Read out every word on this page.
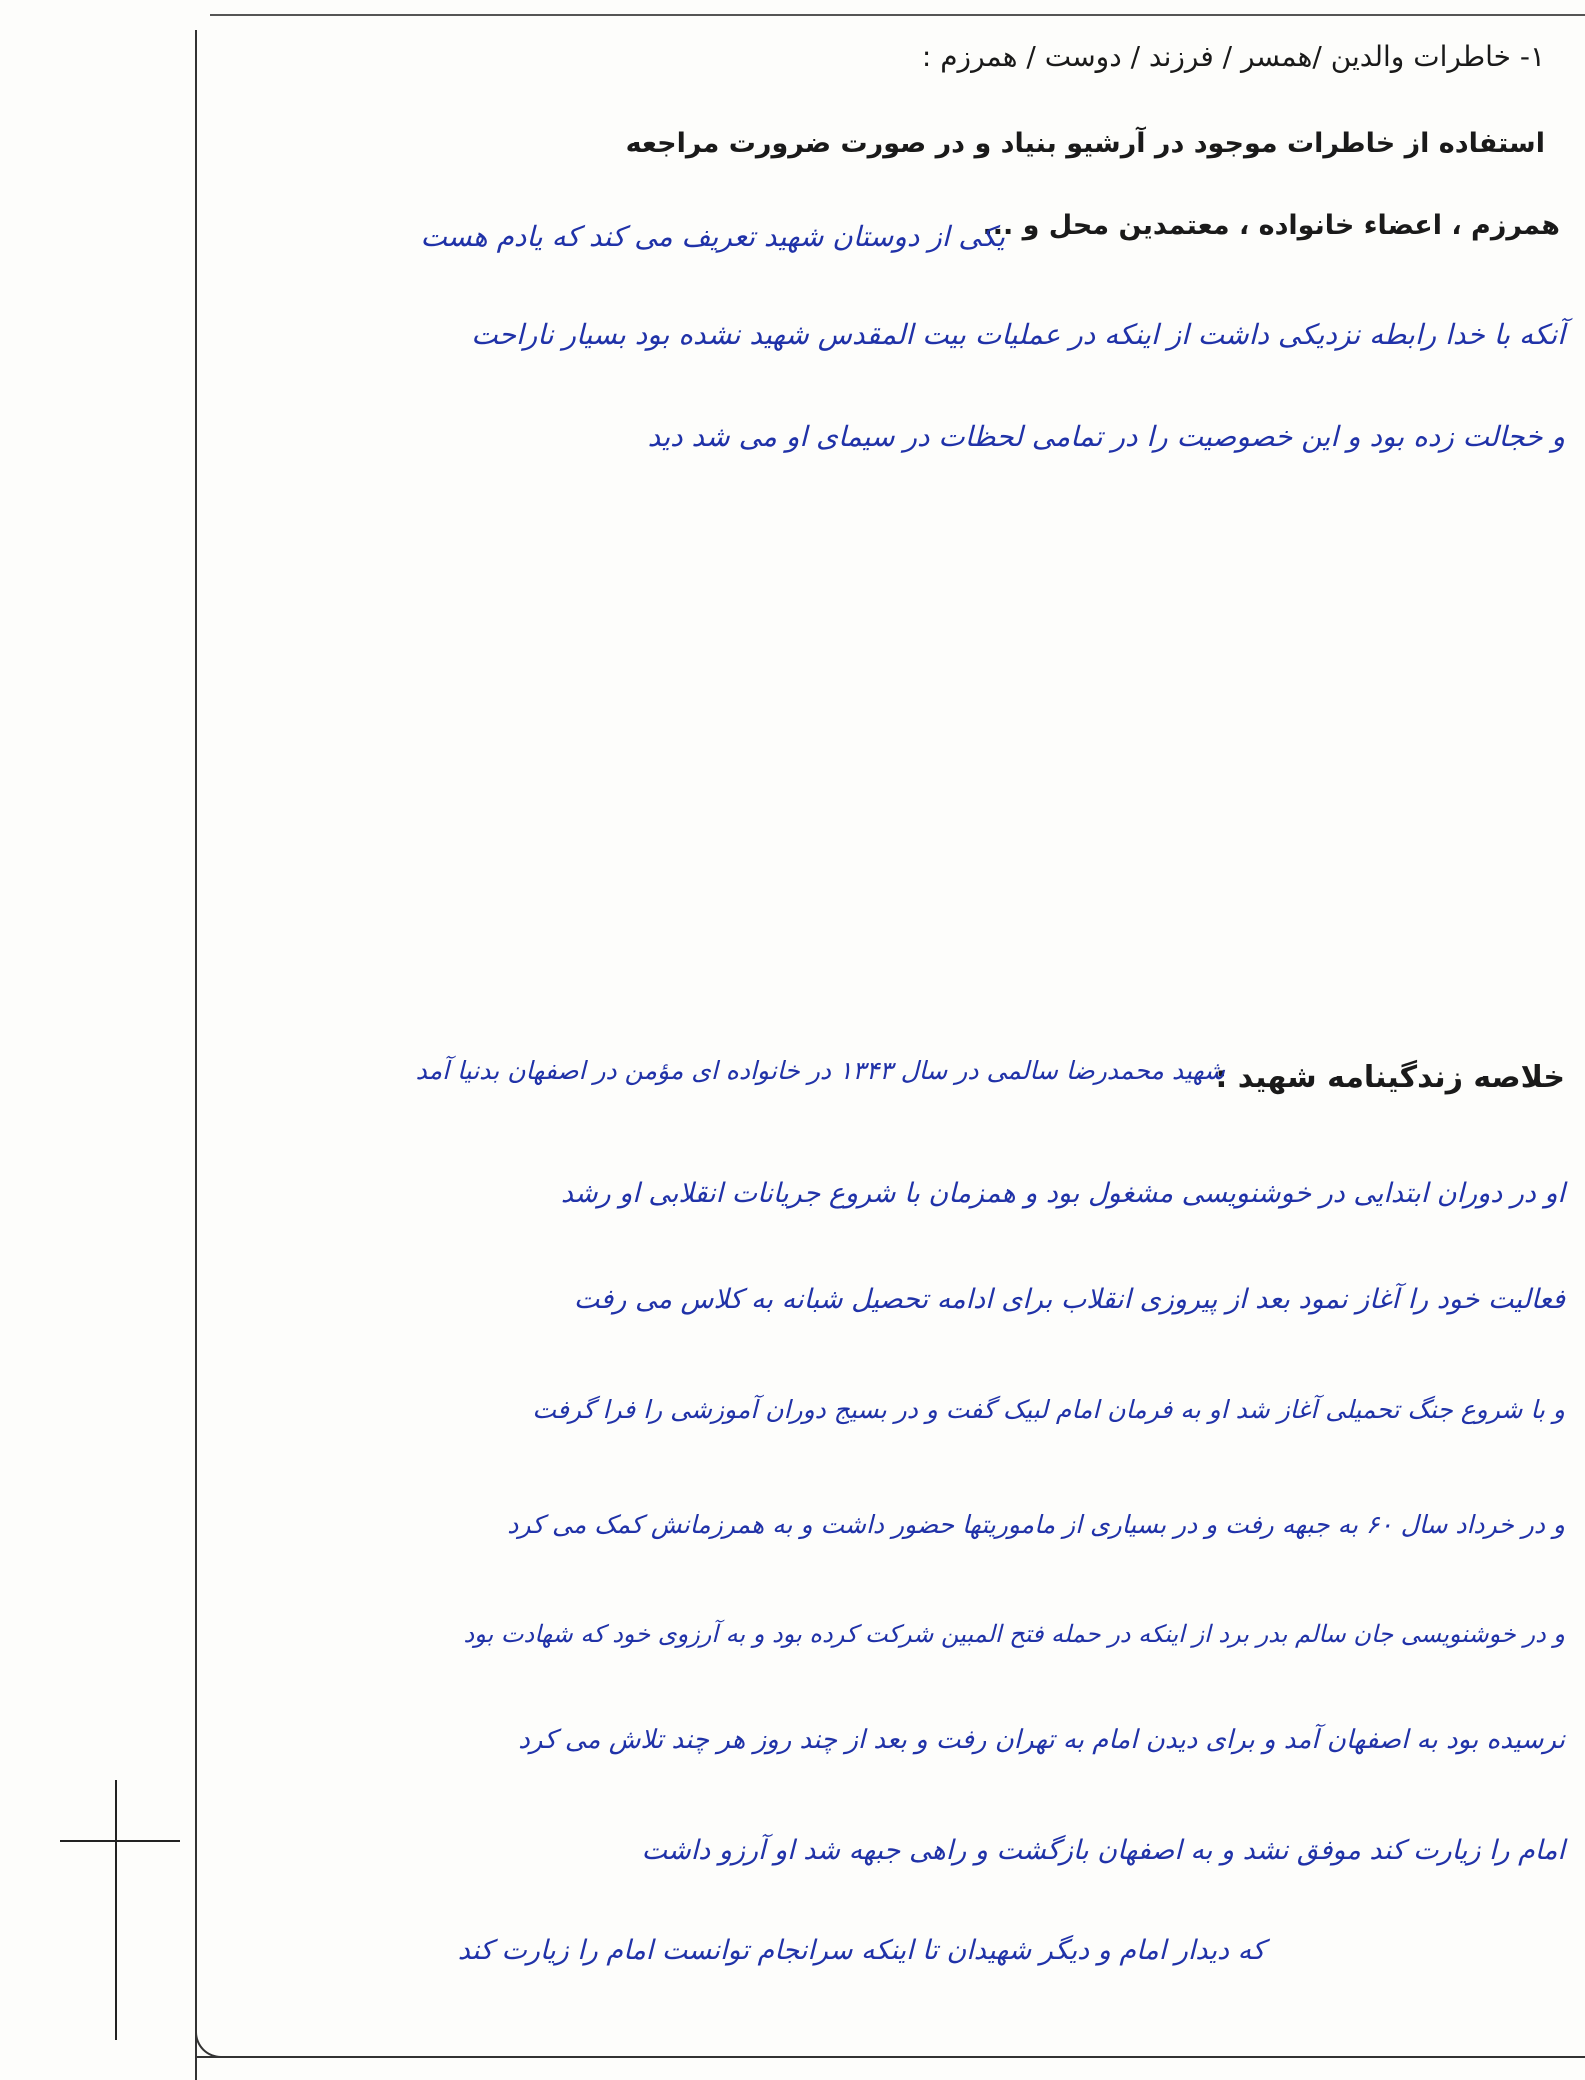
١- خاطرات والدین /همسر / فرزند / دوست / همرزم :
استفاده از خاطرات موجود در آرشیو بنیاد و در صورت ضرورت مراجعه
همرزم ، اعضاء خانواده ، معتمدین محل و ...
یکی از دوستان شهید تعریف می کند که یادم هست
آنکه با خدا رابطه نزدیکی داشت از اینکه در عملیات بیت المقدس شهید نشده بود بسیار ناراحت
و خجالت زده بود و این خصوصیت را در تمامی لحظات در سیمای او می شد دید
خلاصه زندگینامه شهید :
شهید محمدرضا سالمی در سال ۱۳۴۳ در خانواده ای مؤمن در اصفهان بدنیا آمد
او در دوران ابتدایی در خوشنویسی مشغول بود و همزمان با شروع جریانات انقلابی او رشد
فعالیت خود را آغاز نمود بعد از پیروزی انقلاب برای ادامه تحصیل شبانه به کلاس می رفت
و با شروع جنگ تحمیلی آغاز شد او به فرمان امام لبیک گفت و در بسیج دوران آموزشی را فرا گرفت
و در خرداد سال ۶۰ به جبهه رفت و در بسیاری از ماموریتها حضور داشت و به همرزمانش کمک می کرد
و در خوشنویسی جان سالم بدر برد از اینکه در حمله فتح المبین شرکت کرده بود و به آرزوی خود که شهادت بود
نرسیده بود به اصفهان آمد و برای دیدن امام به تهران رفت و بعد از چند روز هر چند تلاش می کرد
امام را زیارت کند موفق نشد و به اصفهان بازگشت و راهی جبهه شد او آرزو داشت
که دیدار امام و دیگر شهیدان تا اینکه سرانجام توانست امام را زیارت کند
